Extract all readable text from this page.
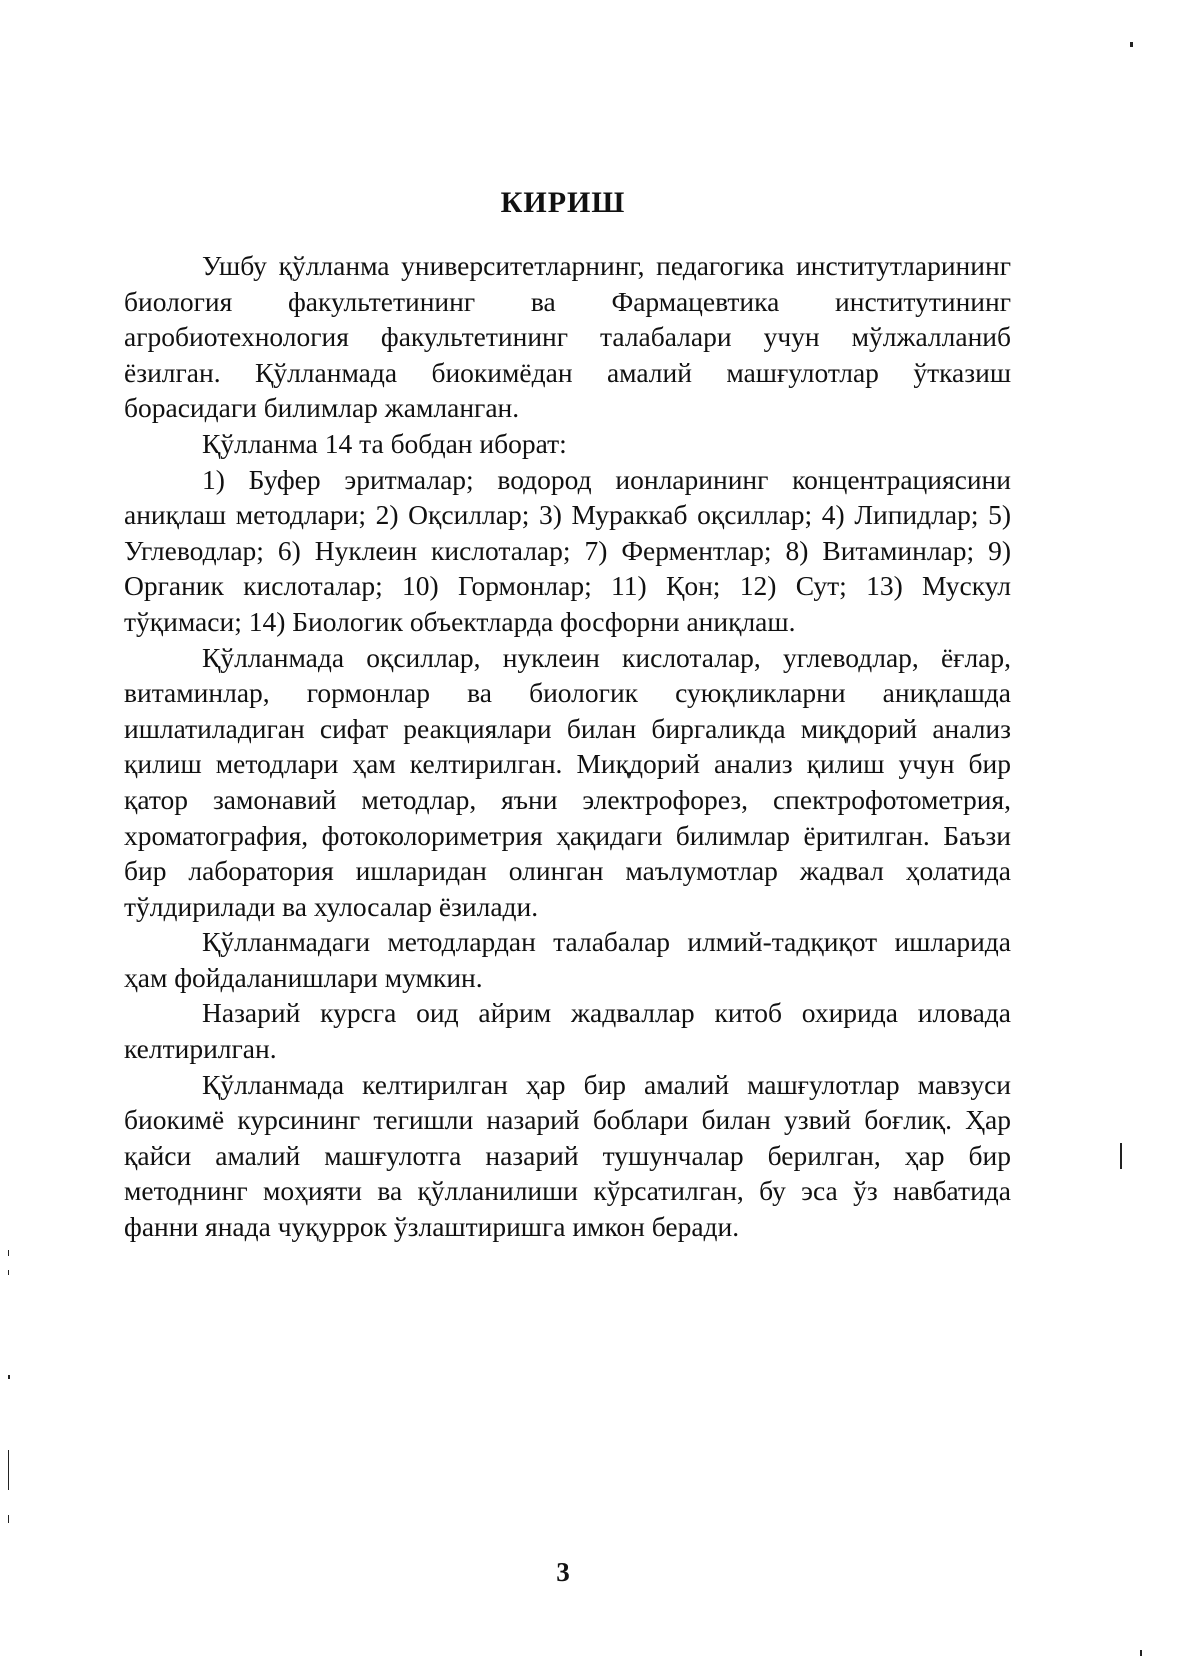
КИРИШ

Ушбу қўлланма университетларнинг, педагогика институтларининг биология факультетининг ва Фармацевтика институтининг агробиотехнология факультетининг талабалари учун мўлжалланиб ёзилган. Қўлланмада биокимёдан амалий машғулотлар ўтказиш борасидаги билимлар жамланган.

Қўлланма 14 та бобдан иборат:

1) Буфер эритмалар; водород ионларининг концентрациясини аниқлаш методлари; 2) Оқсиллар; 3) Мураккаб оқсиллар; 4) Липидлар; 5) Углеводлар; 6) Нуклеин кислоталар; 7) Ферментлар; 8) Витаминлар; 9) Органик кислоталар; 10) Гормонлар; 11) Қон; 12) Сут; 13) Мускул тўқимаси; 14) Биологик объектларда фосфорни аниқлаш.

Қўлланмада оқсиллар, нуклеин кислоталар, углеводлар, ёғлар, витаминлар, гормонлар ва биологик суюқликларни аниқлашда ишлатиладиган сифат реакциялари билан биргаликда миқдорий анализ қилиш методлари ҳам келтирилган. Миқдорий анализ қилиш учун бир қатор замонавий методлар, яъни электрофорез, спектрофотометрия, хроматография, фотоколориметрия ҳақидаги билимлар ёритилган. Баъзи бир лаборатория ишларидан олинган маълумотлар жадвал ҳолатида тўлдирилади ва хулосалар ёзилади.

Қўлланмадаги методлардан талабалар илмий-тадқиқот ишларида ҳам фойдаланишлари мумкин.

Назарий курсга оид айрим жадваллар китоб охирида иловада келтирилган.

Қўлланмада келтирилган ҳар бир амалий машғулотлар мавзуси биокимё курсининг тегишли назарий боблари билан узвий боғлиқ. Ҳар қайси амалий машғулотга назарий тушунчалар берилган, ҳар бир методнинг моҳияти ва қўлланилиши кўрсатилган, бу эса ўз навбатида фанни янада чуқуррок ўзлаштиришга имкон беради.

3
